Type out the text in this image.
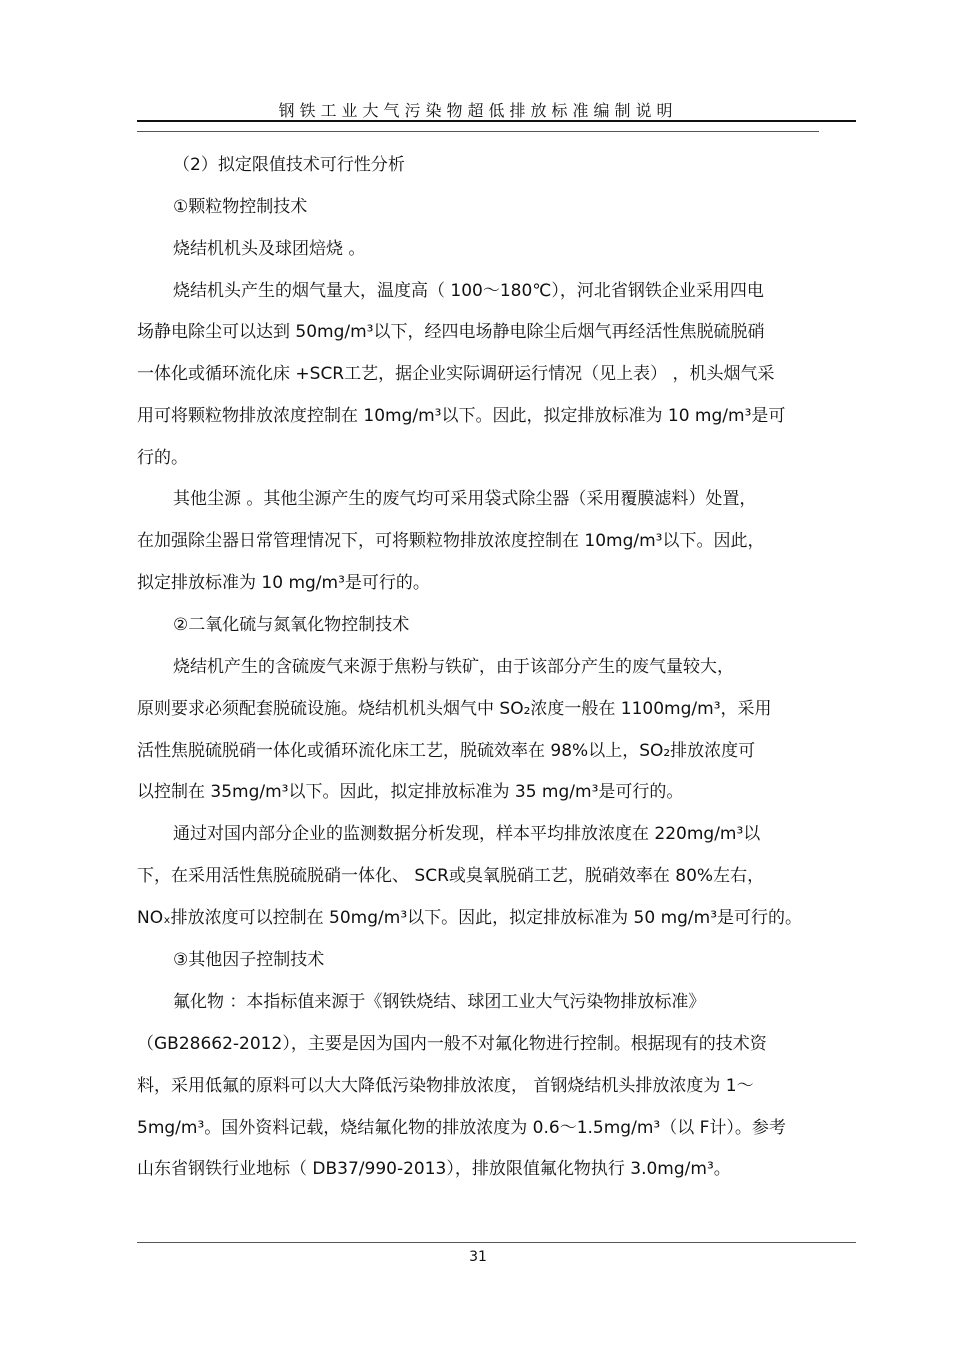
钢铁工业大气污染物超低排放标准编制说明
（2）拟定限值技术可行性分析
①颗粒物控制技术
烧结机机头及球团焙烧 。
烧结机头产生的烟气量大，温度高（ 100～180℃），河北省钢铁企业采用四电
场静电除尘可以达到 50mg/m³以下，经四电场静电除尘后烟气再经活性焦脱硫脱硝
一体化或循环流化床 +SCR工艺，据企业实际调研运行情况（见上表） ，机头烟气采
用可将颗粒物排放浓度控制在 10mg/m³以下。因此，拟定排放标准为 10 mg/m³是可
行的。
其他尘源 。其他尘源产生的废气均可采用袋式除尘器（采用覆膜滤料）处置，
在加强除尘器日常管理情况下，可将颗粒物排放浓度控制在 10mg/m³以下。因此，
拟定排放标准为 10 mg/m³是可行的。
②二氧化硫与氮氧化物控制技术
烧结机产生的含硫废气来源于焦粉与铁矿，由于该部分产生的废气量较大，
原则要求必须配套脱硫设施。烧结机机头烟气中 SO₂浓度一般在 1100mg/m³，采用
活性焦脱硫脱硝一体化或循环流化床工艺，脱硫效率在 98%以上，SO₂排放浓度可
以控制在 35mg/m³以下。因此，拟定排放标准为 35 mg/m³是可行的。
通过对国内部分企业的监测数据分析发现，样本平均排放浓度在 220mg/m³以
下，在采用活性焦脱硫脱硝一体化、 SCR或臭氧脱硝工艺，脱硝效率在 80%左右，
NOₓ排放浓度可以控制在 50mg/m³以下。因此，拟定排放标准为 50 mg/m³是可行的。
③其他因子控制技术
氟化物 ：本指标值来源于《钢铁烧结、球团工业大气污染物排放标准》
（GB28662-2012），主要是因为国内一般不对氟化物进行控制。根据现有的技术资
料，采用低氟的原料可以大大降低污染物排放浓度， 首钢烧结机头排放浓度为 1～
5mg/m³。国外资料记载，烧结氟化物的排放浓度为 0.6～1.5mg/m³（以 F计）。参考
山东省钢铁行业地标（ DB37/990-2013），排放限值氟化物执行 3.0mg/m³。
31
